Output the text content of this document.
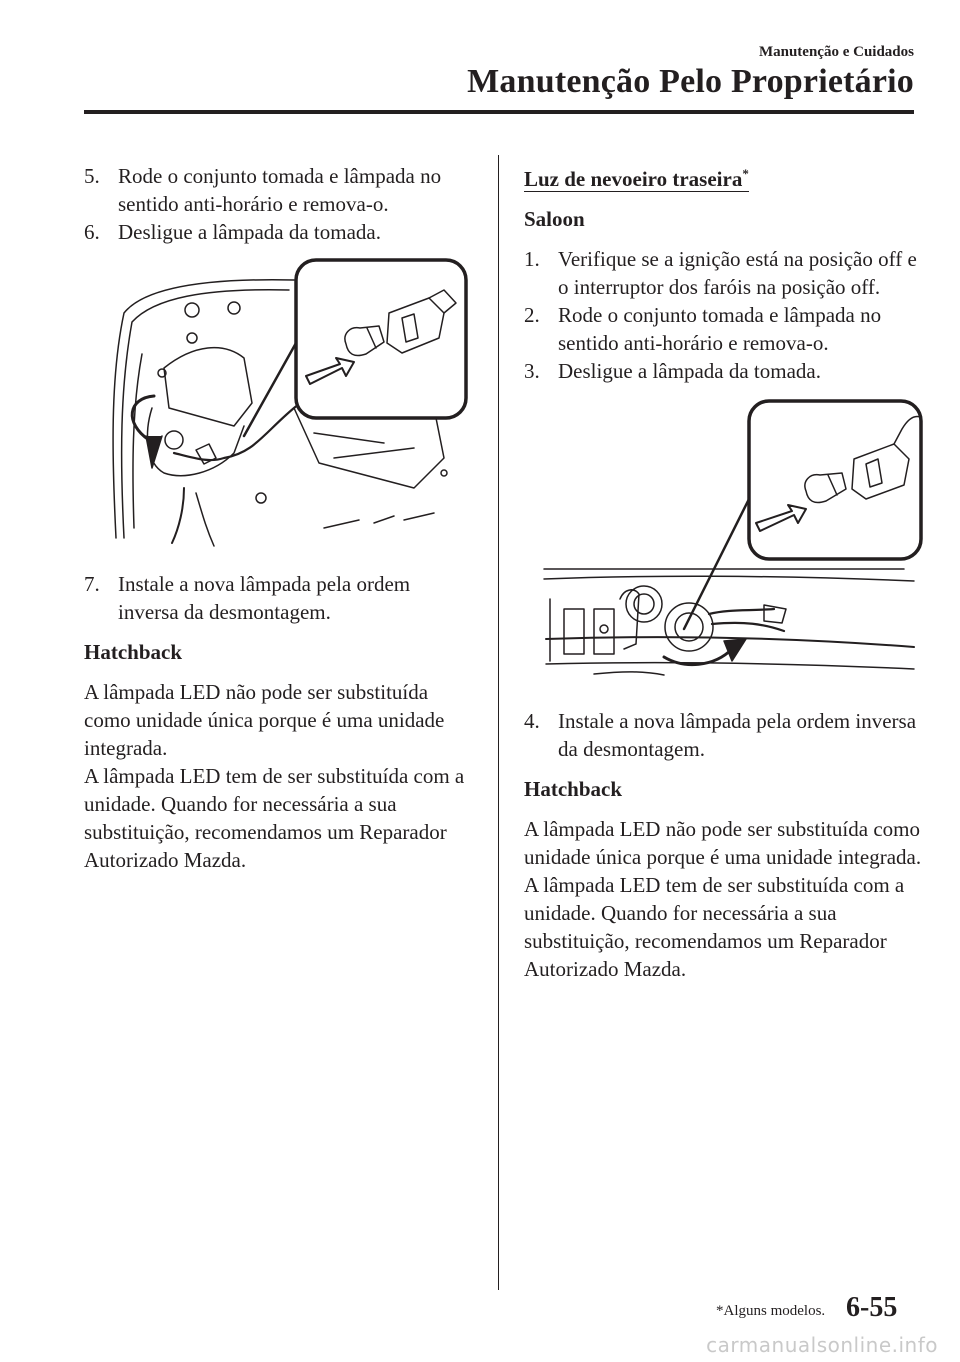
Manutenção e Cuidados
Manutenção Pelo Proprietário
5. Rode o conjunto tomada e lâmpada no sentido anti-horário e remova-o.
6. Desligue a lâmpada da tomada.
7. Instale a nova lâmpada pela ordem inversa da desmontagem.

Hatchback

A lâmpada LED não pode ser substituída como unidade única porque é uma unidade integrada.

A lâmpada LED tem de ser substituída com a unidade. Quando for necessária a sua substituição, recomendamos um Reparador Autorizado Mazda.

Luz de nevoeiro traseira*

Saloon

1. Verifique se a ignição está na posição off e o interruptor dos faróis na posição off.
2. Rode o conjunto tomada e lâmpada no sentido anti-horário e remova-o.
3. Desligue a lâmpada da tomada.
4. Instale a nova lâmpada pela ordem inversa da desmontagem.

Hatchback

A lâmpada LED não pode ser substituída como unidade única porque é uma unidade integrada.

A lâmpada LED tem de ser substituída com a unidade. Quando for necessária a sua substituição, recomendamos um Reparador Autorizado Mazda.

*Alguns modelos. 6-55
carmanualsonline.info
